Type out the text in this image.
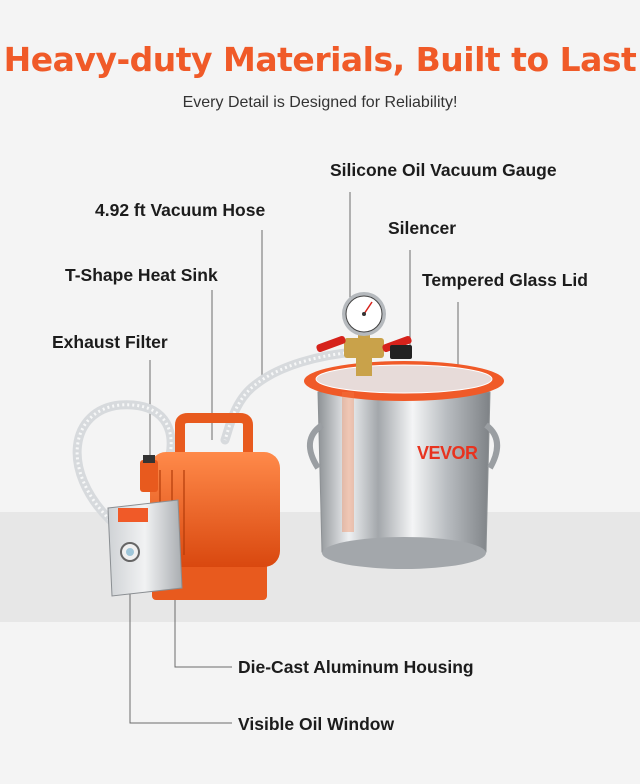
Heavy-duty Materials, Built to Last
Every Detail is Designed for Reliability!
VEVOR
Silicone Oil Vacuum Gauge
4.92 ft Vacuum Hose
Silencer
T-Shape Heat Sink	Tempered Glass Lid
Exhaust Filter
Die-Cast Aluminum Housing
Visible Oil Window
